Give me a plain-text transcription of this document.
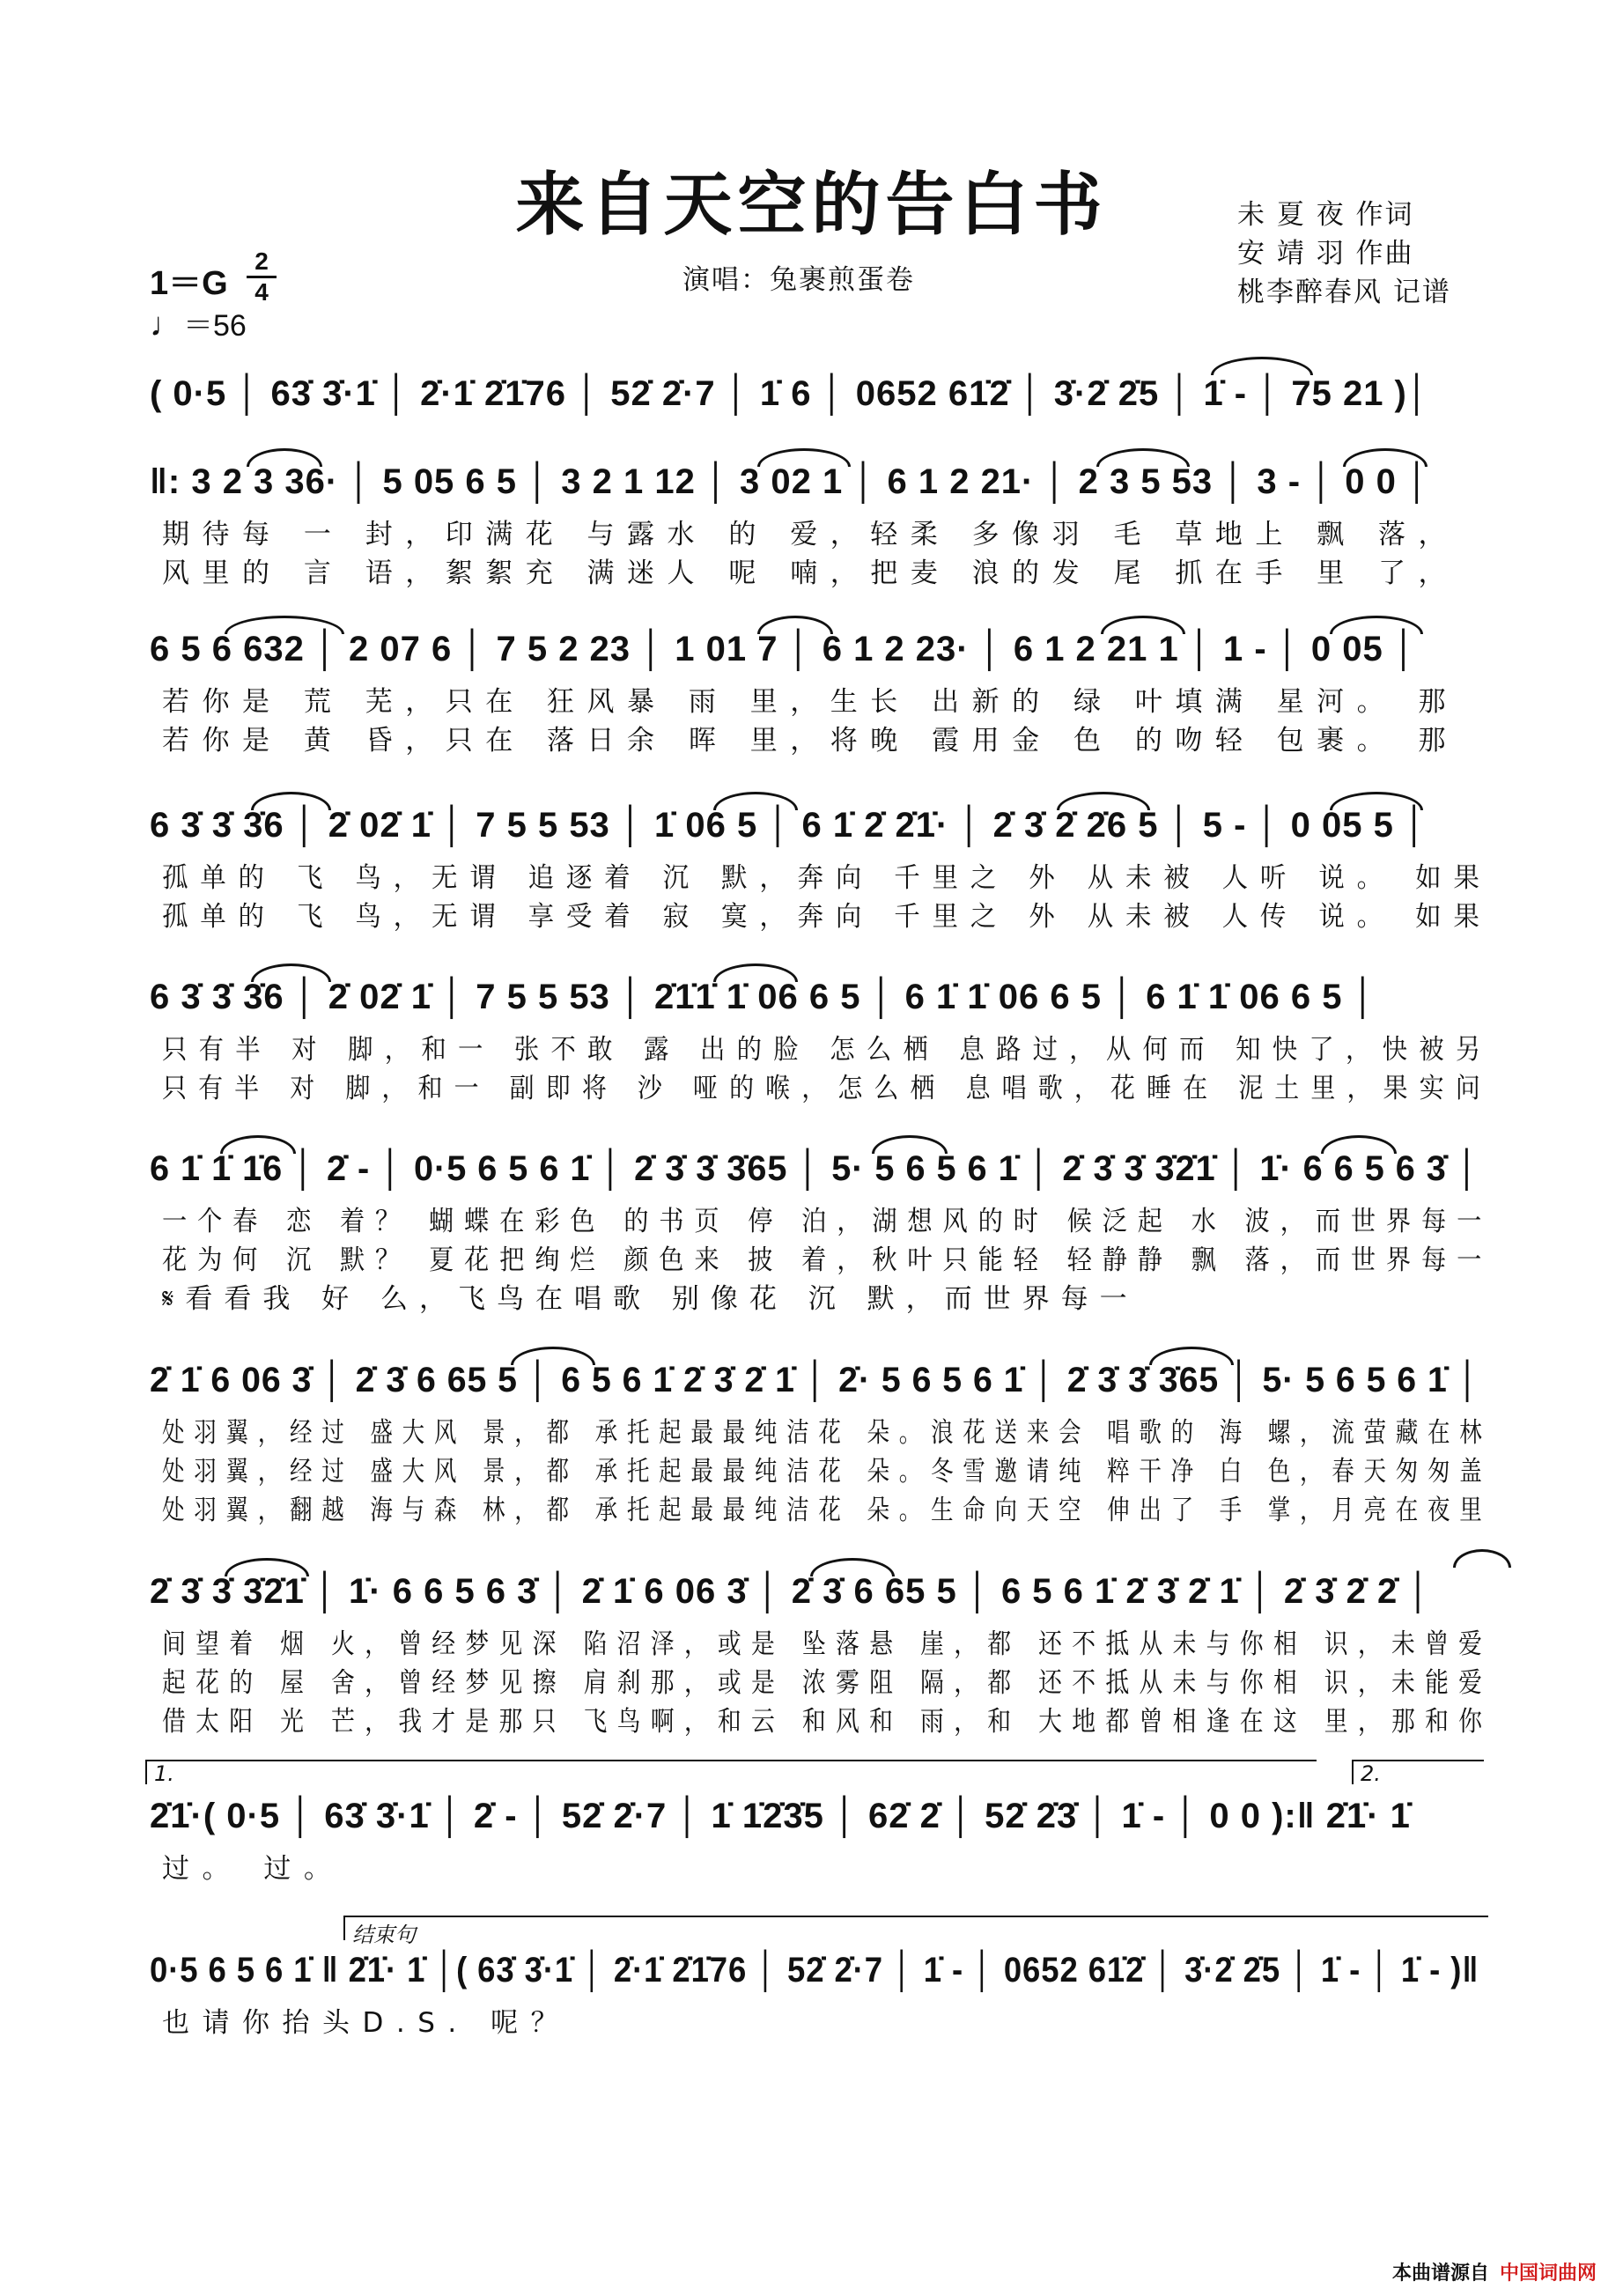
来自天空的告白书	未 夏 夜 作词
安 靖 羽 作曲
桃李醉春风 记谱
演唱：兔裹煎蛋卷
1＝G
2
4
♩＝56
( 0·5 │ 63̇ 3̇·1̇ │ 2̇·1̇ 2̇1̇76 │ 52̇ 2̇·7 │ 1̇ 6 │ 0652 61̇2̇ │ 3̇·2̇ 2̇5 │ 1̇ - │ 75 21 )│
‖: 3 2 3 36· │ 5 05 6 5 │ 3 2 1 12 │ 3 02 1 │ 6 1 2 21· │ 2 3 5 53 │ 3 - │ 0 0 │
期待每 一 封，印满花 与露水 的 爱，轻柔 多像羽 毛 草地上 飘 落，
风里的 言 语，絮絮充 满迷人 呢 喃，把麦 浪的发 尾 抓在手 里 了，
6 5 6 632 │ 2 07 6 │ 7 5 2 23 │ 1 01 7 │ 6 1 2 23· │ 6 1 2 21 1 │ 1 - │ 0 05 │
若你是 荒 芜，只在 狂风暴 雨 里，生长 出新的 绿 叶填满 星河。 那
若你是 黄 昏，只在 落日余 晖 里，将晚 霞用金 色 的吻轻 包裹。 那
6 3̇ 3̇ 3̇6 │ 2̇ 02̇ 1̇ │ 7 5 5 53 │ 1̇ 06 5 │ 6 1̇ 2̇ 2̇1̇· │ 2̇ 3̇ 2̇ 2̇6 5 │ 5 - │ 0 05 5 │
孤单的 飞 鸟，无谓 追逐着 沉 默，奔向 千里之 外 从未被 人听 说。 如果
孤单的 飞 鸟，无谓 享受着 寂 寞，奔向 千里之 外 从未被 人传 说。 如果
6 3̇ 3̇ 3̇6 │ 2̇ 02̇ 1̇ │ 7 5 5 53 │ 2̇1̇1̇ 1̇ 06 6 5 │ 6 1̇ 1̇ 06 6 5 │ 6 1̇ 1̇ 06 6 5 │
只有半 对 脚，和一 张不敢 露 出的脸 怎么栖 息路过，从何而 知快了，快被另
只有半 对 脚，和一 副即将 沙 哑的喉，怎么栖 息唱歌，花睡在 泥土里，果实问
6 1̇ 1̇ 1̇6 │ 2̇ - │ 0·5 6 5 6 1̇ │ 2̇ 3̇ 3̇ 3̇65 │ 5· 5 6 5 6 1̇ │ 2̇ 3̇ 3̇ 3̇2̇1̇ │ 1̇· 6 6 5 6 3̇ │
一个春 恋 着？ 蝴蝶在彩色 的书页 停 泊，湖想风的时 候泛起 水 波，而世界每一
花为何 沉 默？ 夏花把绚烂 颜色来 披 着，秋叶只能轻 轻静静 飘 落，而世界每一
𝄋看看我 好 么，飞鸟在唱歌 别像花 沉 默，而世界每一
2̇ 1̇ 6 06 3̇ │ 2̇ 3̇ 6 65 5 │ 6 5 6 1̇ 2̇ 3̇ 2̇ 1̇ │ 2̇· 5 6 5 6 1̇ │ 2̇ 3̇ 3̇ 3̇65 │ 5· 5 6 5 6 1̇ │
处羽翼，经过 盛大风 景，都 承托起最最纯洁花 朵。浪花送来会 唱歌的 海 螺，流萤藏在林
处羽翼，经过 盛大风 景，都 承托起最最纯洁花 朵。冬雪邀请纯 粹干净 白 色，春天匆匆盖
处羽翼，翻越 海与森 林，都 承托起最最纯洁花 朵。生命向天空 伸出了 手 掌，月亮在夜里
2̇ 3̇ 3̇ 3̇2̇1̇ │ 1̇· 6 6 5 6 3̇ │ 2̇ 1̇ 6 06 3̇ │ 2̇ 3̇ 6 65 5 │ 6 5 6 1̇ 2̇ 3̇ 2̇ 1̇ │ 2̇ 3̇ 2̇ 2̇ │
间望着 烟 火，曾经梦见深 陷沼泽，或是 坠落悬 崖，都 还不抵从未与你相 识，未曾爱
起花的 屋 舍，曾经梦见擦 肩刹那，或是 浓雾阻 隔，都 还不抵从未与你相 识，未能爱
借太阳 光 芒，我才是那只 飞鸟啊，和云 和风和 雨，和 大地都曾相逢在这 里，那和你
1.	2.
2̇1̇·( 0·5 │ 63̇ 3̇·1̇ │ 2̇ - │ 52̇ 2̇·7 │ 1̇ 1̇2̇3̇5 │ 62̇ 2̇ │ 52̇ 2̇3̇ │ 1̇ - │ 0 0 ):‖ 2̇1̇· 1̇
过。 过。
结束句
0·5 6 5 6 1̇ ‖ 2̇1̇· 1̇ │( 63̇ 3̇·1̇ │ 2̇·1̇ 2̇1̇76 │ 52̇ 2̇·7 │ 1̇ - │ 0652 61̇2̇ │ 3̇·2̇ 2̇5 │ 1̇ - │ 1̇ - )‖
也请你抬头D.S. 呢？
本曲谱源自 中国词曲网
